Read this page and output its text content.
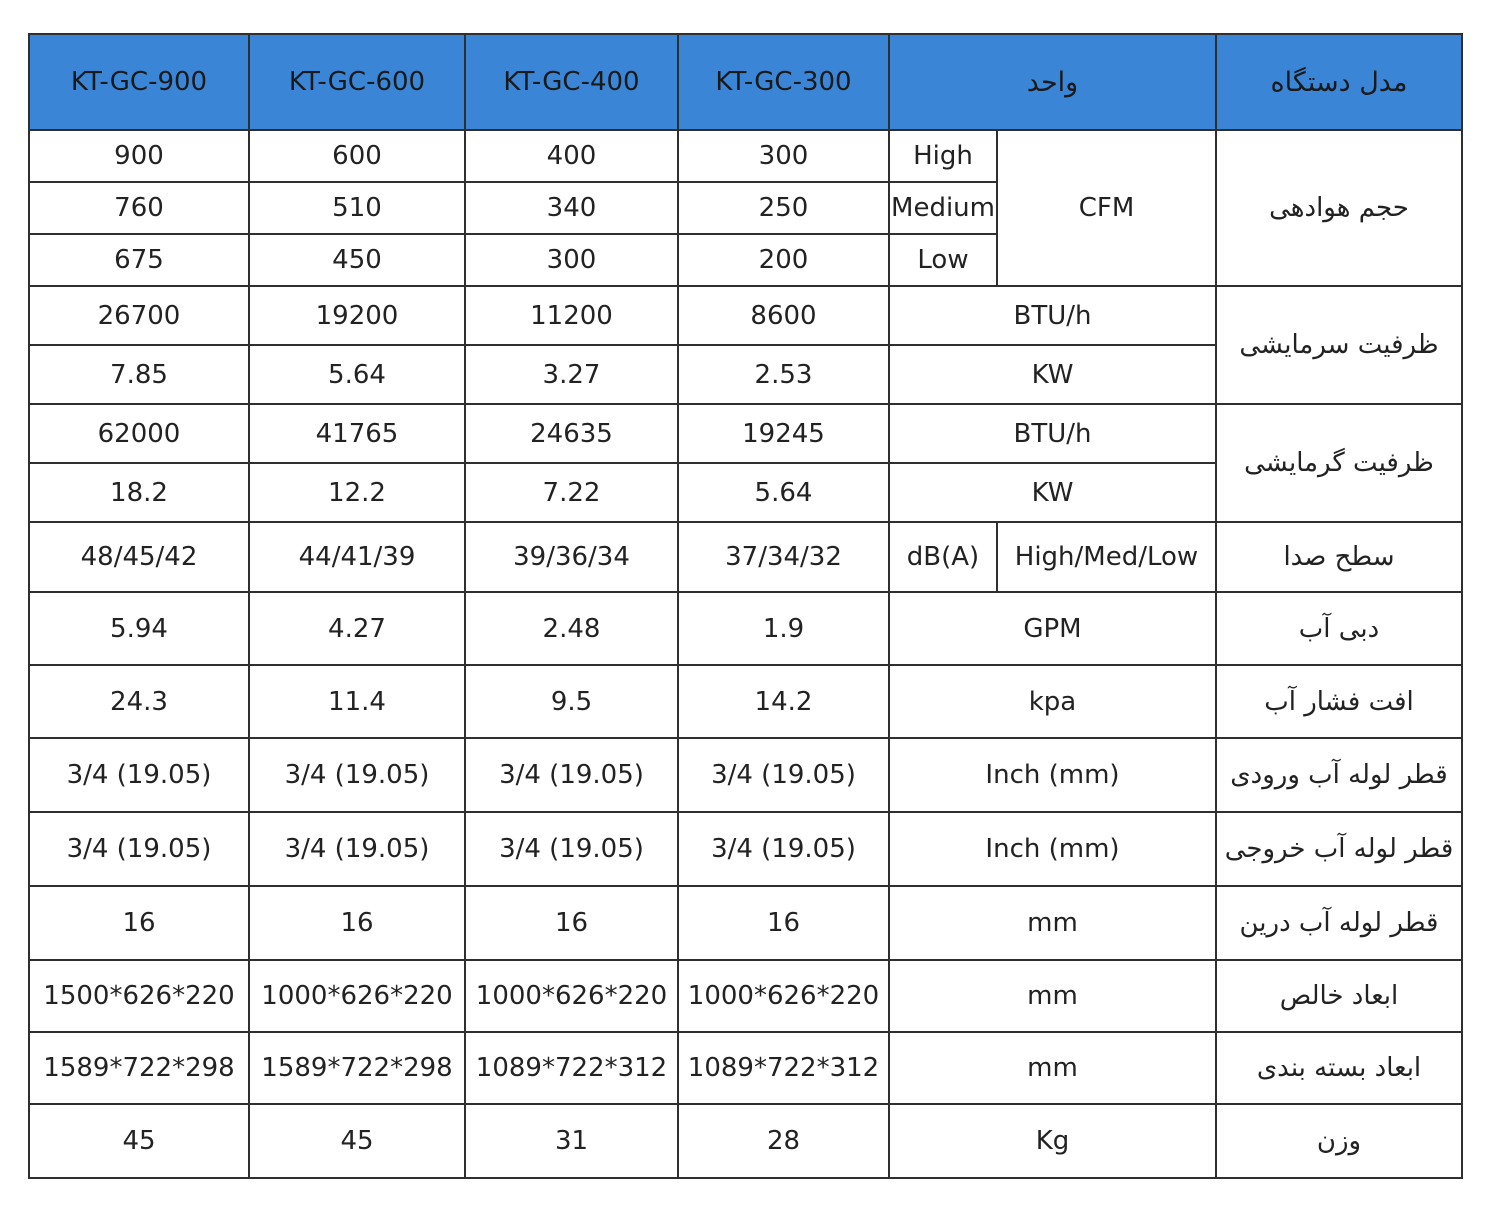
KT-GC-900	KT-GC-600	KT-GC-400	KT-GC-300	واحد		مدل دستگاه
900	600	400	300	High	CFM	حجم هوادهی
760	510	340	250	Medium		
675	450	300	200	Low		
26700	19200	11200	8600	BTU/h		ظرفیت سرمایشی
7.85	5.64	3.27	2.53	KW		
62000	41765	24635	19245	BTU/h		ظرفیت گرمایشی
18.2	12.2	7.22	5.64	KW		
48/45/42	44/41/39	39/36/34	37/34/32	dB(A)	High/Med/Low	سطح صدا
5.94	4.27	2.48	1.9	GPM		دبی آب
24.3	11.4	9.5	14.2	kpa		افت فشار آب
3/4 (19.05)	3/4 (19.05)	3/4 (19.05)	3/4 (19.05)	Inch (mm)		قطر لوله آب ورودی
3/4 (19.05)	3/4 (19.05)	3/4 (19.05)	3/4 (19.05)	Inch (mm)		قطر لوله آب خروجی
16	16	16	16	mm		قطر لوله آب درین
1500*626*220	1000*626*220	1000*626*220	1000*626*220	mm		ابعاد خالص
1589*722*298	1589*722*298	1089*722*312	1089*722*312	mm		ابعاد بسته بندی
45	45	31	28	Kg		وزن
